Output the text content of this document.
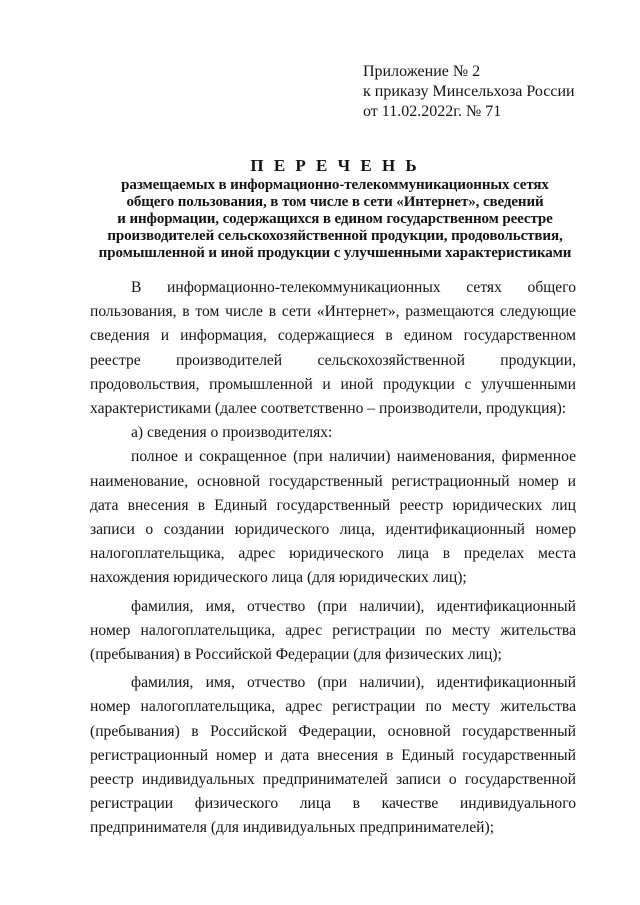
Приложение № 2
к приказу Минсельхоза России
от 11.02.2022г. № 71
П Е Р Е Ч Е Н Ь
размещаемых в информационно-телекоммуникационных сетях
общего пользования, в том числе в сети «Интернет», сведений
и информации, содержащихся в едином государственном реестре
производителей сельскохозяйственной продукции, продовольствия,
промышленной и иной продукции с улучшенными характеристиками

В информационно-телекоммуникационных сетях общего пользования, в том числе в сети «Интернет», размещаются следующие сведения и информация, содержащиеся в едином государственном реестре производителей сельскохозяйственной продукции, продовольствия, промышленной и иной продукции с улучшенными характеристиками (далее соответственно – производители, продукция):

а) сведения о производителях:

полное и сокращенное (при наличии) наименования, фирменное наименование, основной государственный регистрационный номер и дата внесения в Единый государственный реестр юридических лиц записи о создании юридического лица, идентификационный номер налогоплательщика, адрес юридического лица в пределах места нахождения юридического лица (для юридических лиц);

фамилия, имя, отчество (при наличии), идентификационный номер налогоплательщика, адрес регистрации по месту жительства (пребывания) в Российской Федерации (для физических лиц);

фамилия, имя, отчество (при наличии), идентификационный номер налогоплательщика, адрес регистрации по месту жительства (пребывания) в Российской Федерации, основной государственный регистрационный номер и дата внесения в Единый государственный реестр индивидуальных предпринимателей записи о государственной регистрации физического лица в качестве индивидуального предпринимателя (для индивидуальных предпринимателей);
